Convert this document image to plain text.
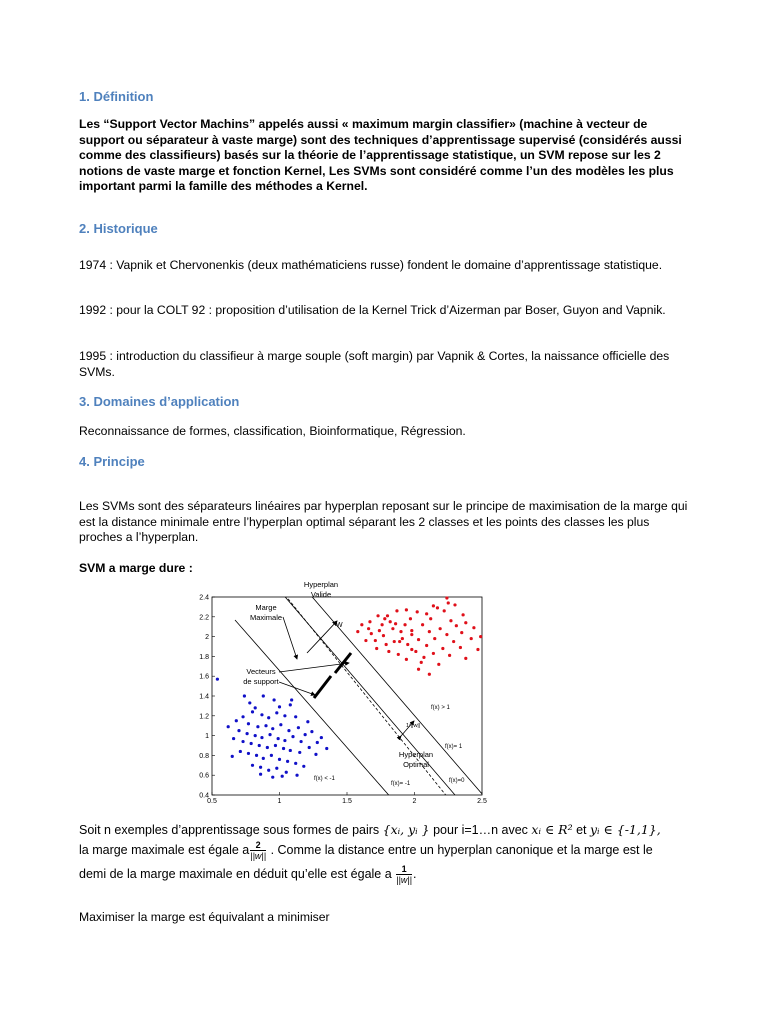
1. Définition
Les “Support Vector Machins” appelés aussi « maximum margin classifier» (machine à vecteur de support ou séparateur à vaste marge) sont des techniques d’apprentissage supervisé (considérés aussi comme des classifieurs) basés sur la théorie de l’apprentissage statistique, un SVM repose sur les 2 notions de vaste marge et fonction Kernel, Les SVMs sont considéré comme l’un des modèles les plus important parmi la famille des méthodes a Kernel.
2. Historique
1974 : Vapnik et Chervonenkis (deux mathématiciens russe) fondent le domaine d’apprentissage statistique.
1992 : pour la COLT 92 : proposition d’utilisation de la Kernel Trick d’Aizerman par Boser, Guyon and Vapnik.
1995 : introduction du classifieur à marge souple (soft margin) par Vapnik & Cortes, la naissance officielle des SVMs.
3. Domaines d’application
Reconnaissance de formes, classification, Bioinformatique, Régression.
4. Principe
Les SVMs sont des séparateurs linéaires par hyperplan reposant sur le principe de maximisation de la marge qui est la distance minimale entre l’hyperplan optimal séparant les 2 classes et les points des classes les plus proches a l’hyperplan.
SVM a marge dure :
0.5	1	1.5	2	2.5
0.4
0.6
0.8
1
1.2
1.4
1.6
1.8
2
2.2
2.4
Hyperplan
Valide
Marge
Maximale
W
Vecteurs
de support
1/||w||
f(x) > 1
f(x)= 1
Hyperplan
Optimal
f(x) < -1
f(x)= -1	f(x)=0
Soit n exemples d’apprentissage sous formes de pairs {xᵢ, yᵢ } pour i=1…n avec xᵢ ∈ R² et yᵢ ∈ {-1,1},
la marge maximale est égale a $\frac{2}{||w||}$ . Comme la distance entre un hyperplan canonique et la marge est le
demi de la marge maximale en déduit qu’elle est égale a $\frac{1}{||w||}$ .
Maximiser la marge est équivalant a minimiser
